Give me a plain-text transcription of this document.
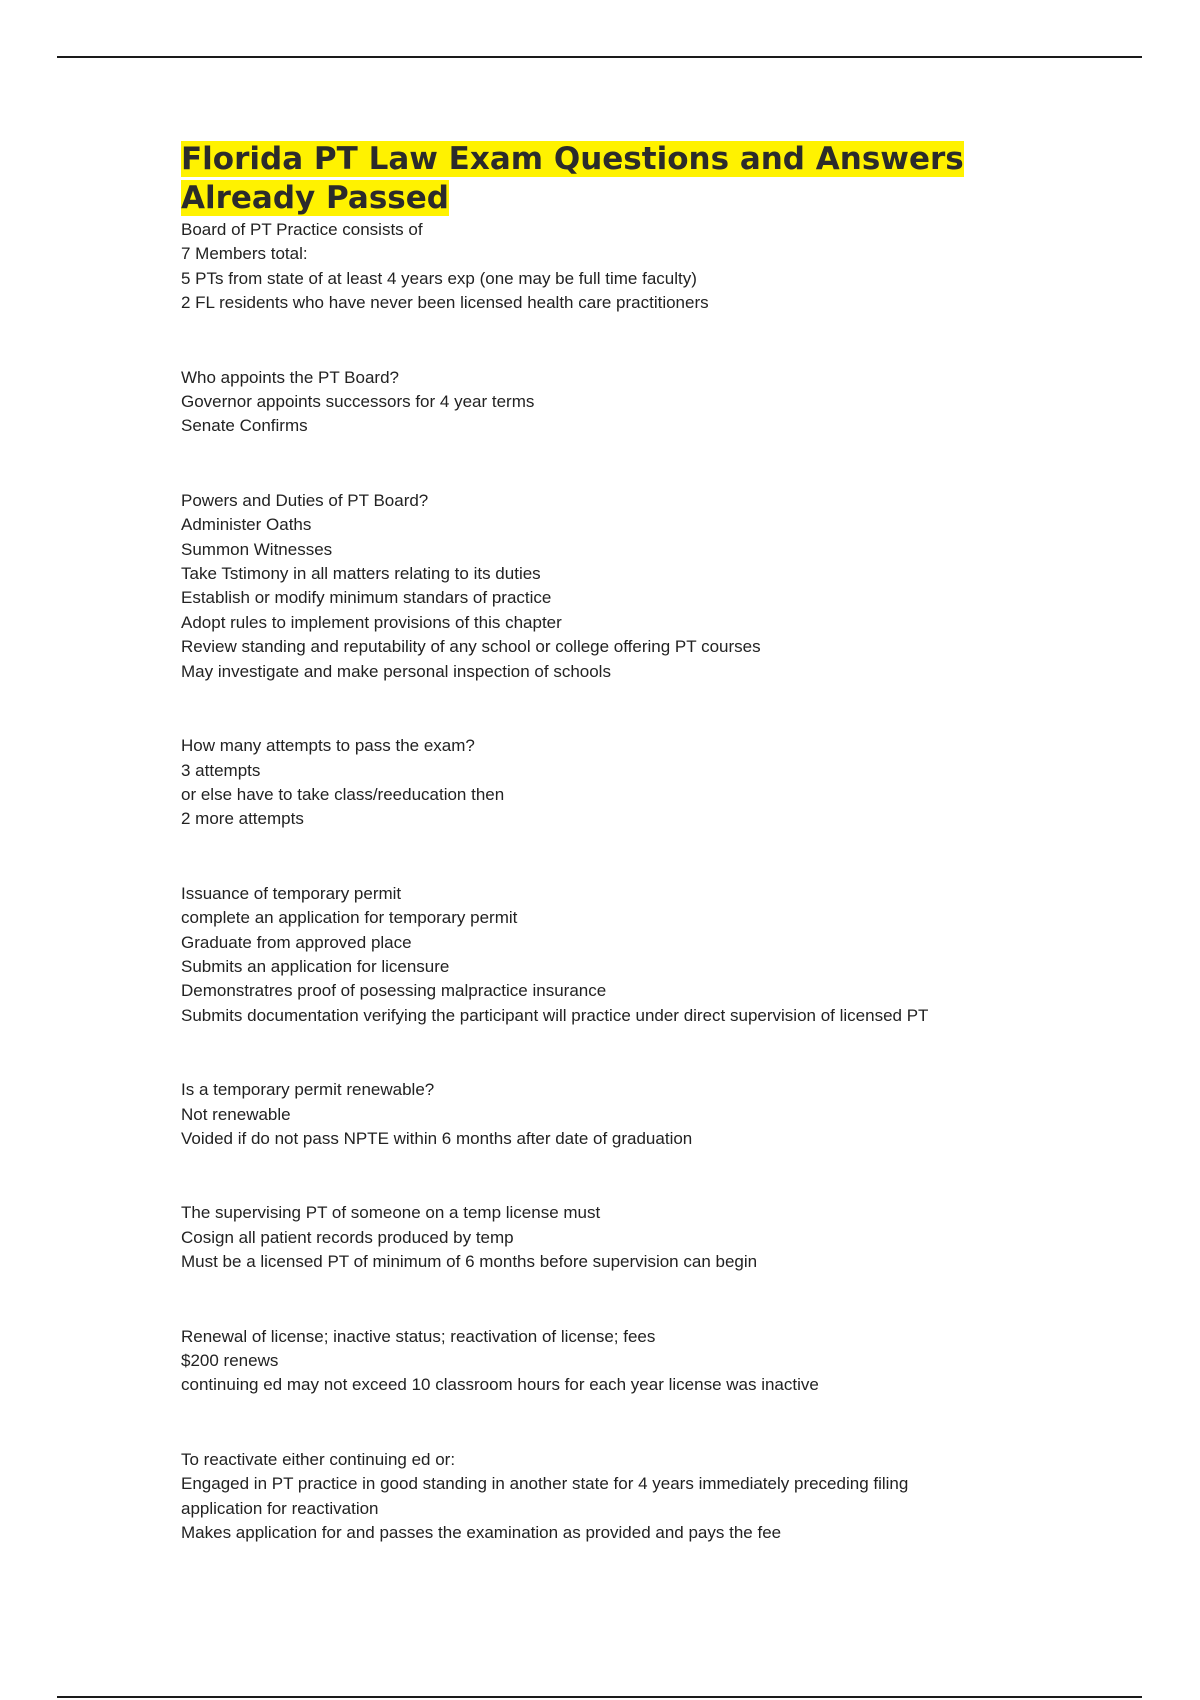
Florida PT Law Exam Questions and Answers
Already Passed
Board of PT Practice consists of
7 Members total:
5 PTs from state of at least 4 years exp (one may be full time faculty)
2 FL residents who have never been licensed health care practitioners
Who appoints the PT Board?
Governor appoints successors for 4 year terms
Senate Confirms
Powers and Duties of PT Board?
Administer Oaths
Summon Witnesses
Take Tstimony in all matters relating to its duties
Establish or modify minimum standars of practice
Adopt rules to implement provisions of this chapter
Review standing and reputability of any school or college offering PT courses
May investigate and make personal inspection of schools
How many attempts to pass the exam?
3 attempts
or else have to take class/reeducation then
2 more attempts
Issuance of temporary permit
complete an application for temporary permit
Graduate from approved place
Submits an application for licensure
Demonstratres proof of posessing malpractice insurance
Submits documentation verifying the participant will practice under direct supervision of licensed PT
Is a temporary permit renewable?
Not renewable
Voided if do not pass NPTE within 6 months after date of graduation
The supervising PT of someone on a temp license must
Cosign all patient records produced by temp
Must be a licensed PT of minimum of 6 months before supervision can begin
Renewal of license; inactive status; reactivation of license; fees
$200 renews
continuing ed may not exceed 10 classroom hours for each year license was inactive
To reactivate either continuing ed or:
Engaged in PT practice in good standing in another state for 4 years immediately preceding filing
application for reactivation
Makes application for and passes the examination as provided and pays the fee
